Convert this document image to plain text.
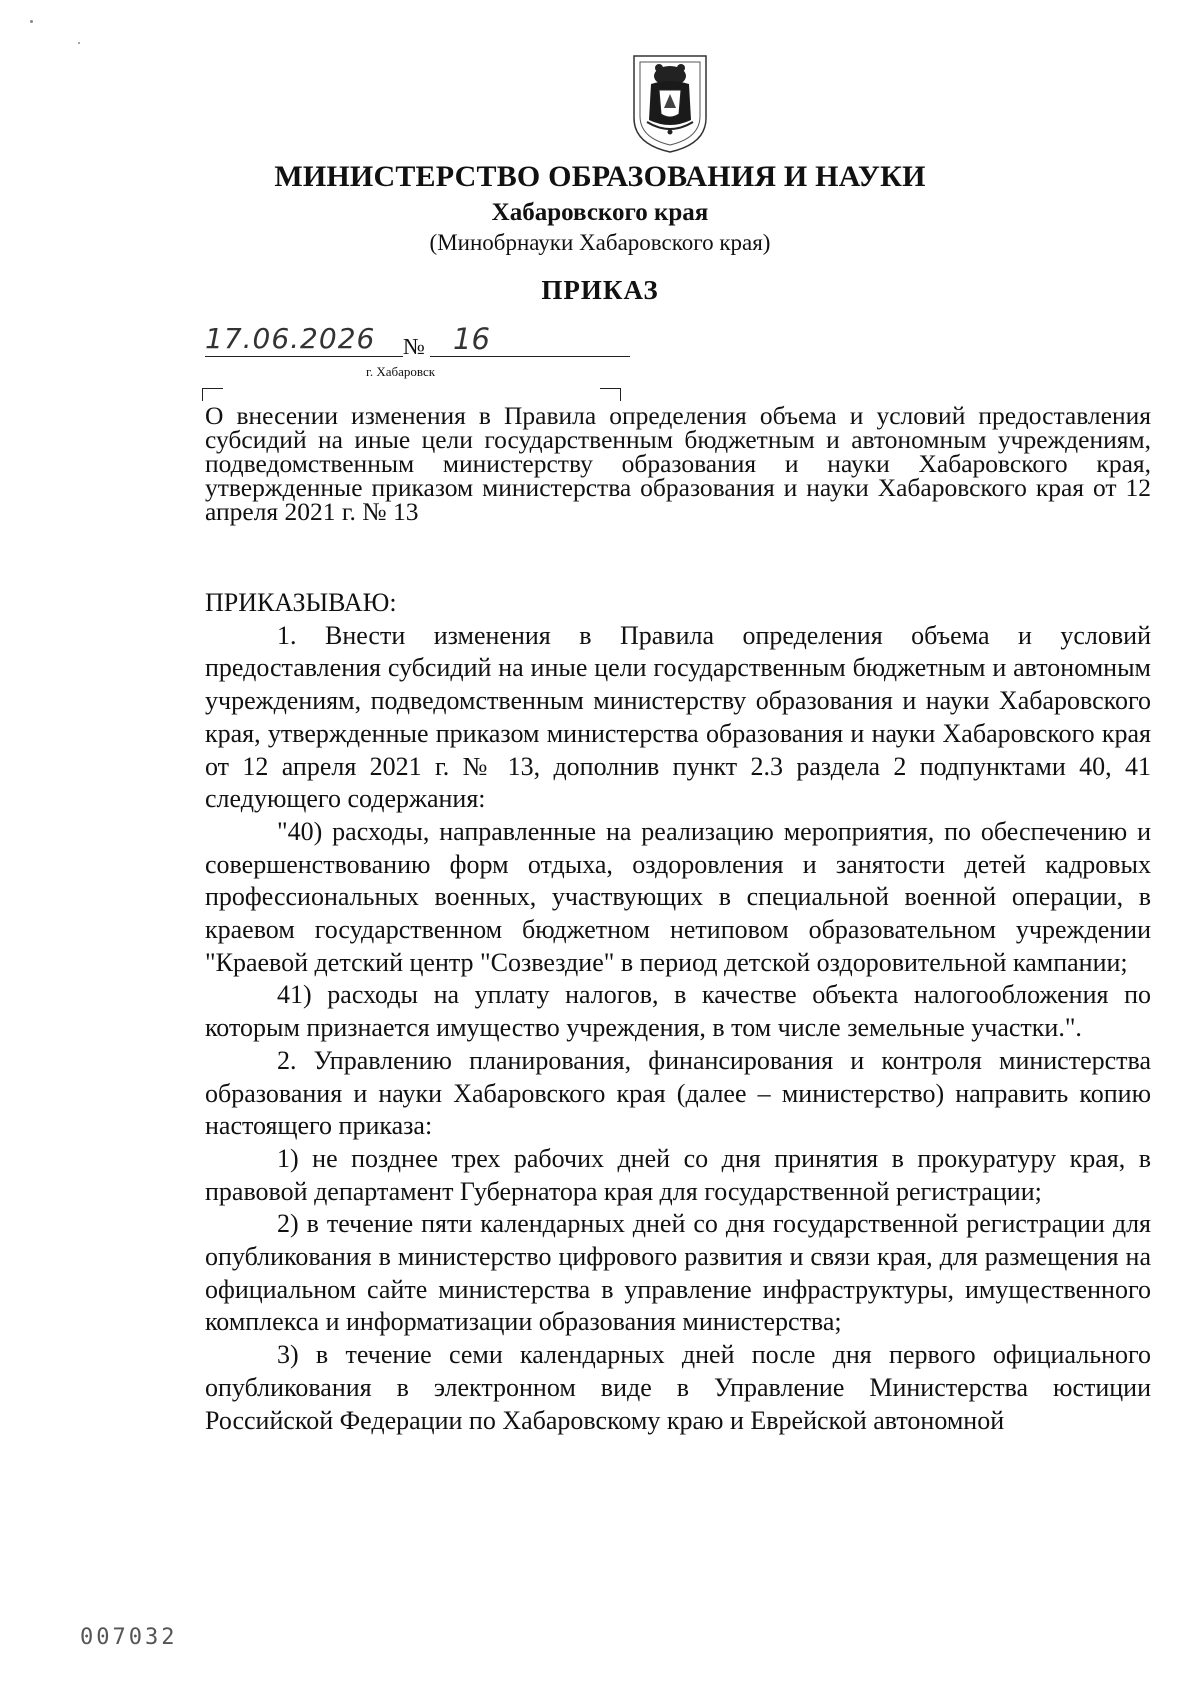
МИНИСТЕРСТВО ОБРАЗОВАНИЯ И НАУКИ
Хабаровского края
(Минобрнауки Хабаровского края)
ПРИКАЗ
17.06.2026 № 16
г. Хабаровск

О внесении изменения в Правила определения объема и условий предоставления субсидий на иные цели государственным бюджетным и автономным учреждениям, подведомственным министерству образования и науки Хабаровского края, утвержденные приказом министерства образования и науки Хабаровского края от 12 апреля 2021 г. № 13

ПРИКАЗЫВАЮ:

1. Внести изменения в Правила определения объема и условий предоставления субсидий на иные цели государственным бюджетным и автономным учреждениям, подведомственным министерству образования и науки Хабаровского края, утвержденные приказом министерства образования и науки Хабаровского края от 12 апреля 2021 г. № 13, дополнив пункт 2.3 раздела 2 подпунктами 40, 41 следующего содержания:

"40) расходы, направленные на реализацию мероприятия, по обеспечению и совершенствованию форм отдыха, оздоровления и занятости детей кадровых профессиональных военных, участвующих в специальной военной операции, в краевом государственном бюджетном нетиповом образовательном учреждении "Краевой детский центр "Созвездие" в период детской оздоровительной кампании;

41) расходы на уплату налогов, в качестве объекта налогообложения по которым признается имущество учреждения, в том числе земельные участки.".

2. Управлению планирования, финансирования и контроля министерства образования и науки Хабаровского края (далее – министерство) направить копию настоящего приказа:

1) не позднее трех рабочих дней со дня принятия в прокуратуру края, в правовой департамент Губернатора края для государственной регистрации;

2) в течение пяти календарных дней со дня государственной регистрации для опубликования в министерство цифрового развития и связи края, для размещения на официальном сайте министерства в управление инфраструктуры, имущественного комплекса и информатизации образования министерства;

3) в течение семи календарных дней после дня первого официального опубликования в электронном виде в Управление Министерства юстиции Российской Федерации по Хабаровскому краю и Еврейской автономной

007032
